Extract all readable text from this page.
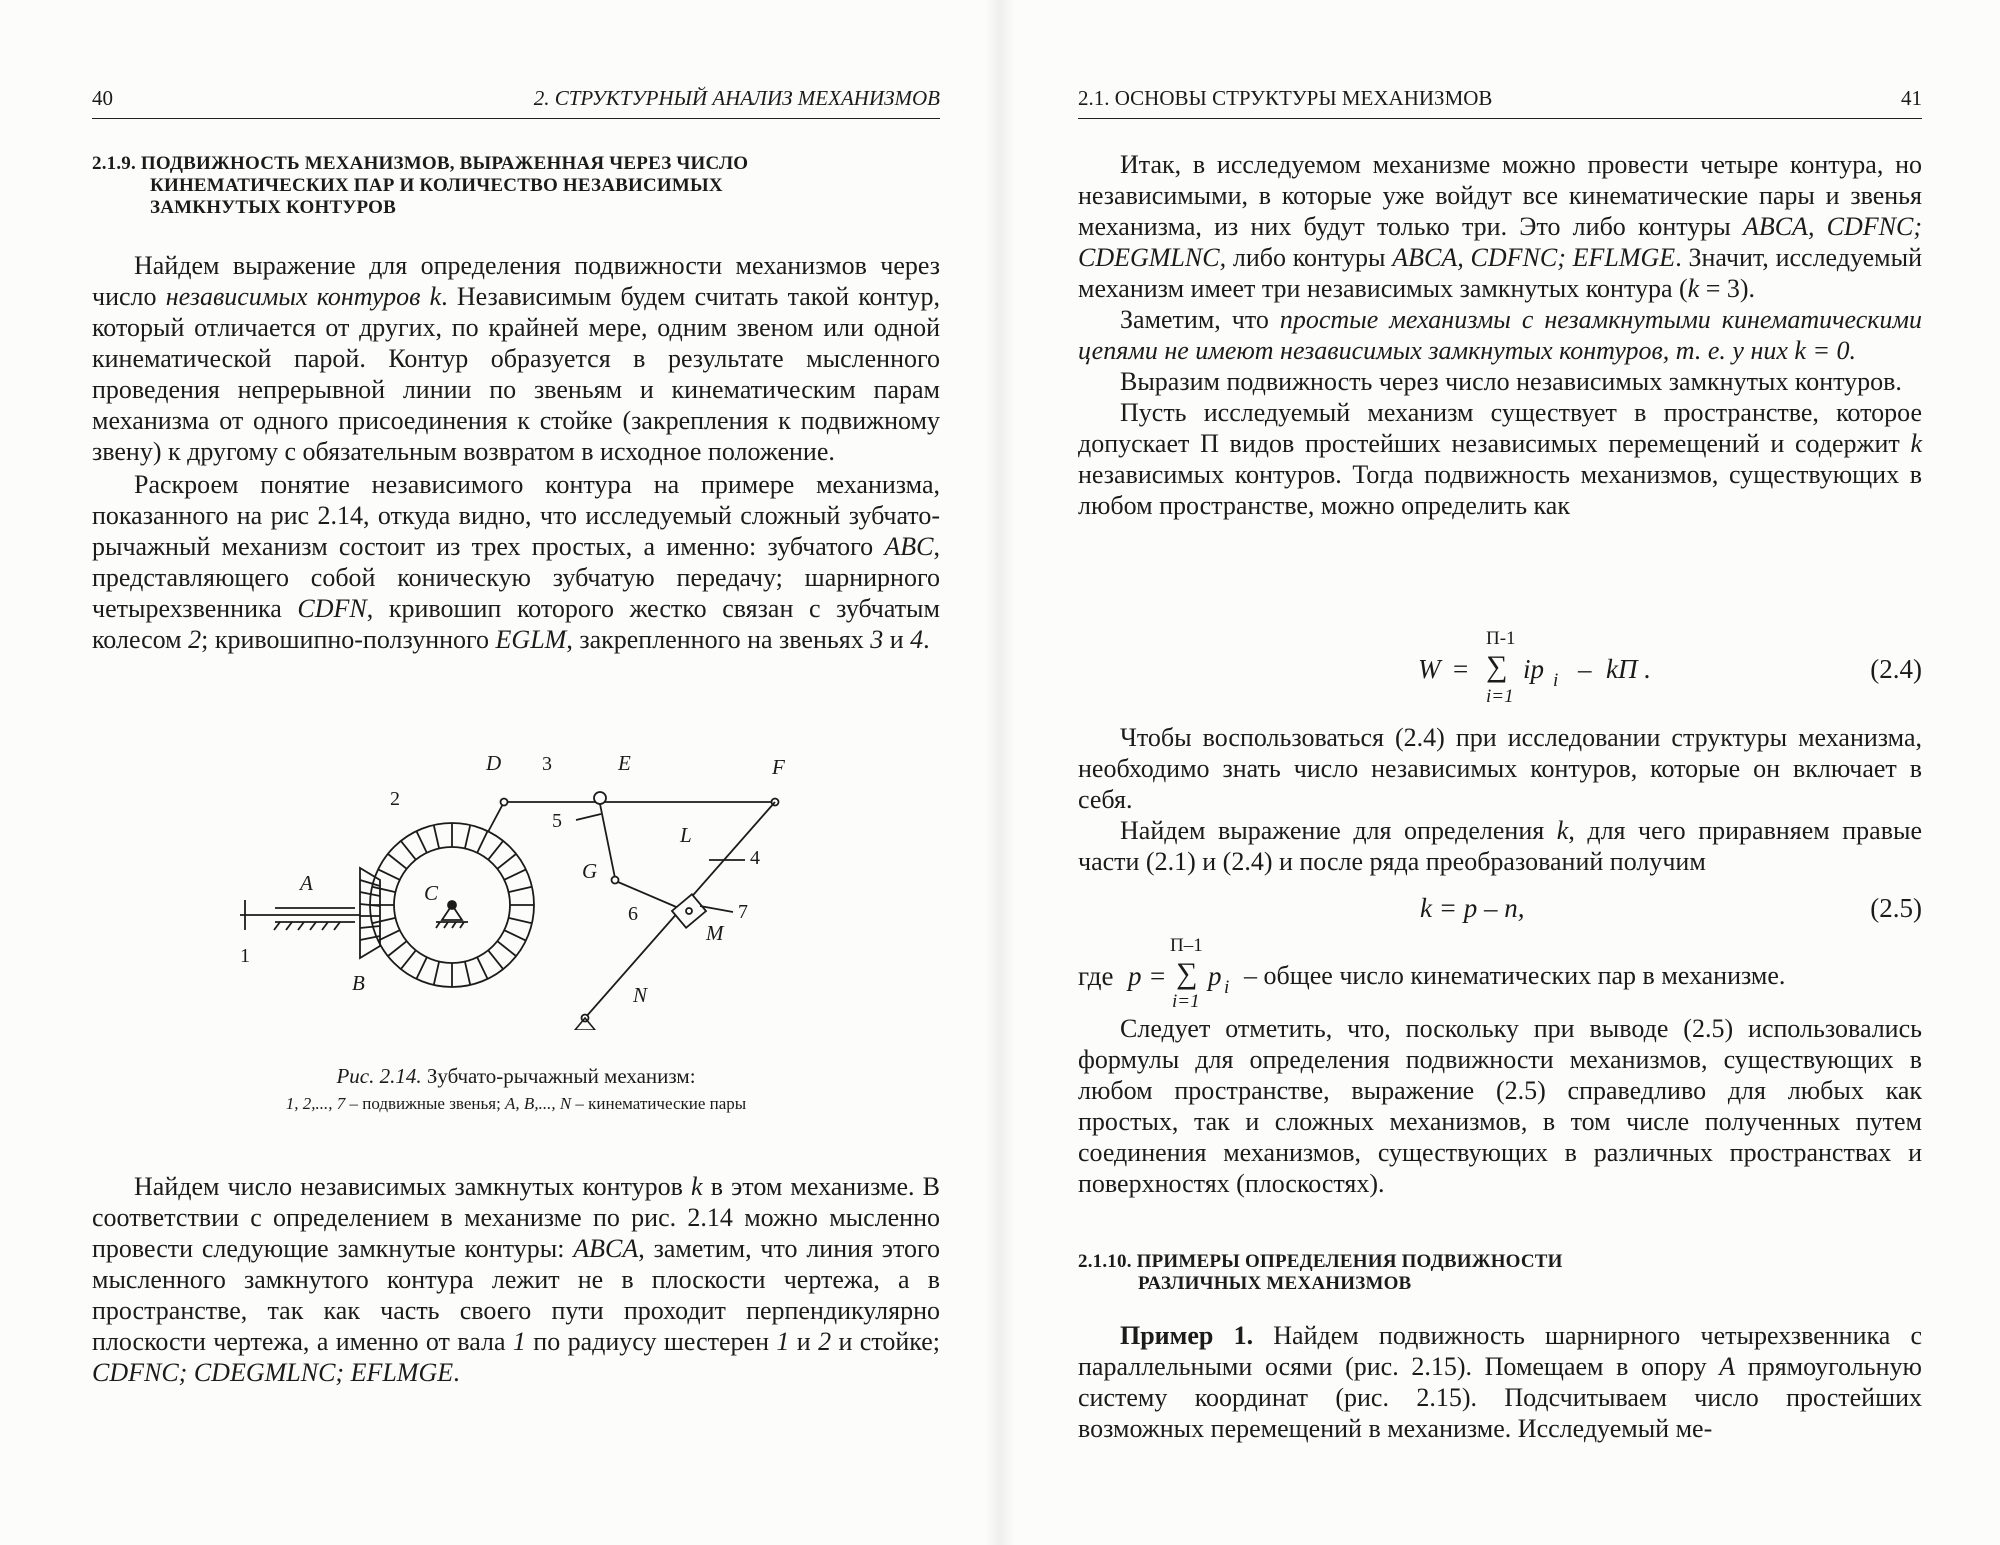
40	2. СТРУКТУРНЫЙ АНАЛИЗ МЕХАНИЗМОВ
2.1.9. ПОДВИЖНОСТЬ МЕХАНИЗМОВ, ВЫРАЖЕННАЯ ЧЕРЕЗ ЧИСЛО
КИНЕМАТИЧЕСКИХ ПАР И КОЛИЧЕСТВО НЕЗАВИСИМЫХ
ЗАМКНУТЫХ КОНТУРОВ

Найдем выражение для определения подвижности механизмов через число независимых контуров k. Независимым будем считать такой контур, который отличается от других, по крайней мере, одним звеном или одной кинематической парой. Контур образуется в результате мысленного проведения непрерывной линии по звеньям и кинематическим парам механизма от одного присоединения к стойке (закрепления к подвижному звену) к другому с обязательным возвратом в исходное положение.

Раскроем понятие независимого контура на примере механизма, показанного на рис 2.14, откуда видно, что исследуемый сложный зубчато-рычажный механизм состоит из трех простых, а именно: зубчатого ABC, представляющего собой коническую зубчатую передачу; шарнирного четырехзвенника CDFN, кривошип которого жестко связан с зубчатым колесом 2; кривошипно-ползунного EGLM, закрепленного на звеньях 3 и 4.

D	E	F
A
B
C
G
L
M
N
1
2
3
4
5
6	7
Рис. 2.14. Зубчато-рычажный механизм:
1, 2,..., 7 – подвижные звенья; A, B,..., N – кинематические пары

Найдем число независимых замкнутых контуров k в этом механизме. В соответствии с определением в механизме по рис. 2.14 можно мысленно провести следующие замкнутые контуры: ABCA, заметим, что линия этого мысленного замкнутого контура лежит не в плоскости чертежа, а в пространстве, так как часть своего пути проходит перпендикулярно плоскости чертежа, а именно от вала 1 по радиусу шестерен 1 и 2 и стойке; CDFNC; CDEGMLNC; EFLMGE.

2.1. ОСНОВЫ СТРУКТУРЫ МЕХАНИЗМОВ	41

Итак, в исследуемом механизме можно провести четыре контура, но независимыми, в которые уже войдут все кинематические пары и звенья механизма, из них будут только три. Это либо контуры ABCA, CDFNC; CDEGMLNC, либо контуры ABCA, CDFNC; EFLMGE. Значит, исследуемый механизм имеет три независимых замкнутых контура (k = 3).

Заметим, что простые механизмы с незамкнутыми кинематическими цепями не имеют независимых замкнутых контуров, т. е. у них k = 0.

Выразим подвижность через число независимых замкнутых контуров.

Пусть исследуемый механизм существует в пространстве, которое допускает П видов простейших независимых перемещений и содержит k независимых контуров. Тогда подвижность механизмов, существующих в любом пространстве, можно определить как

П-1
W = ∑ ip i – kП .
i=1
(2.4)

Чтобы воспользоваться (2.4) при исследовании структуры механизма, необходимо знать число независимых контуров, которые он включает в себя.

Найдем выражение для определения k, для чего приравняем правые части (2.1) и (2.4) и после ряда преобразований получим

k = p – n,	(2.5)
П–1
где p = ∑ p i – общее число кинематических пар в механизме.
i=1

Следует отметить, что, поскольку при выводе (2.5) использовались формулы для определения подвижности механизмов, существующих в любом пространстве, выражение (2.5) справедливо для любых как простых, так и сложных механизмов, в том числе полученных путем соединения механизмов, существующих в различных пространствах и поверхностях (плоскостях).

2.1.10. ПРИМЕРЫ ОПРЕДЕЛЕНИЯ ПОДВИЖНОСТИ
РАЗЛИЧНЫХ МЕХАНИЗМОВ

Пример 1. Найдем подвижность шарнирного четырехзвенника с параллельными осями (рис. 2.15). Помещаем в опору A прямоугольную систему координат (рис. 2.15). Подсчитываем число простейших возможных перемещений в механизме. Исследуемый ме-
